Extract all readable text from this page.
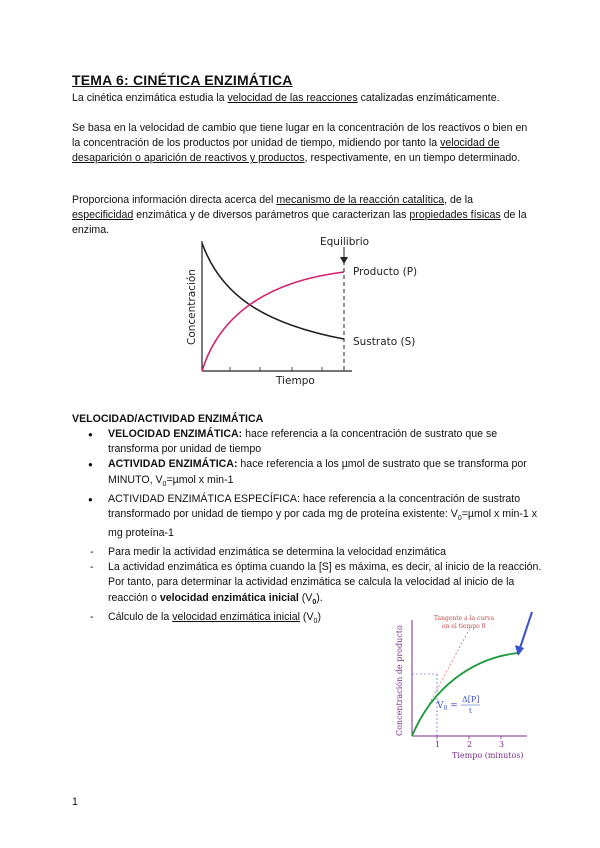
TEMA 6: CINÉTICA ENZIMÁTICA
La cinética enzimática estudia la velocidad de las reacciones catalizadas enzimáticamente.
Se basa en la velocidad de cambio que tiene lugar en la concentración de los reactivos o bien en la concentración de los productos por unidad de tiempo, midiendo por tanto la velocidad de desaparición o aparición de reactivos y productos, respectivamente, en un tiempo determinado.
Proporciona información directa acerca del mecanismo de la reacción catalítica, de la especificidad enzimática y de diversos parámetros que caracterizan las propiedades físicas de la enzima.
Equilibrio
Producto (P)
Sustrato (S)
Tiempo
Concentración
VELOCIDAD/ACTIVIDAD ENZIMÁTICA
● VELOCIDAD ENZIMÁTICA: hace referencia a la concentración de sustrato que se transforma por unidad de tiempo
● ACTIVIDAD ENZIMÁTICA: hace referencia a los µmol de sustrato que se transforma por MINUTO, $V_0=\mu mol$ x min-1
● ACTIVIDAD ENZIMÁTICA ESPECÍFICA: hace referencia a la concentración de sustrato transformado por unidad de tiempo y por cada mg de proteína existente: $V_0=\mu mol$ x min-1 x mg proteína-1
- Para medir la actividad enzimática se determina la velocidad enzimática
- La actividad enzimática es óptima cuando la [S] es máxima, es decir, al inicio de la reacción. Por tanto, para determinar la actividad enzimática se calcula la velocidad al inicio de la reacción o velocidad enzimática inicial $(V_0)$.
- Cálculo de la velocidad enzimática inicial $(V_0)$
1	2	3
Tangente a la curva
en el tiempo 0
$V_0$ =
Δ[P]
t
Tiempo (minutos)
Concentración de producto
1
